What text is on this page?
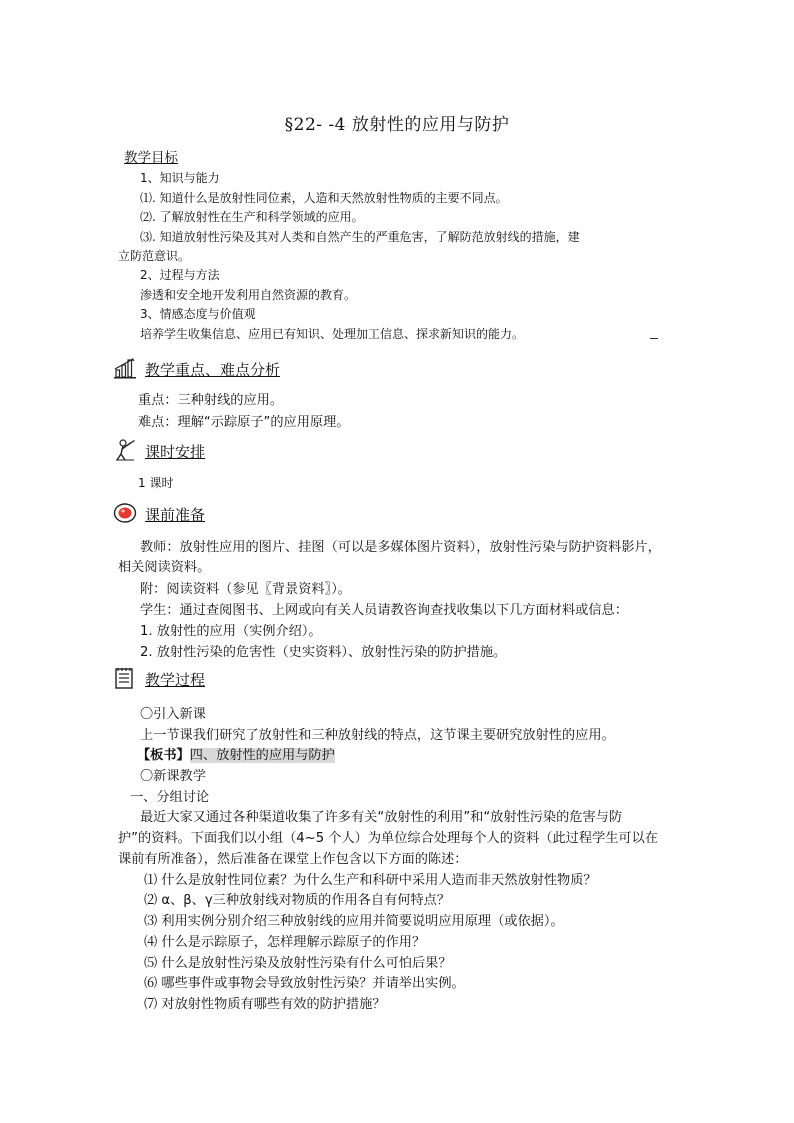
§22- -4 放射性的应用与防护
教学目标
1、知识与能力
⑴. 知道什么是放射性同位素，人造和天然放射性物质的主要不同点。
⑵. 了解放射性在生产和科学领域的应用。
⑶. 知道放射性污染及其对人类和自然产生的严重危害，了解防范放射线的措施，建
立防范意识。
2、过程与方法
渗透和安全地开发利用自然资源的教育。
3、情感态度与价值观
培养学生收集信息、应用已有知识、处理加工信息、探求新知识的能力。
教学重点、难点分析
重点：三种射线的应用。
难点：理解“示踪原子”的应用原理。
课时安排
1 课时
课前准备
教师：放射性应用的图片、挂图（可以是多媒体图片资料），放射性污染与防护资料影片，
相关阅读资料。
附：阅读资料（参见〖背景资料〗）。
学生：通过查阅图书、上网或向有关人员请教咨询查找收集以下几方面材料或信息：
1. 放射性的应用（实例介绍）。
2. 放射性污染的危害性（史实资料）、放射性污染的防护措施。
教学过程
〇引入新课
上一节课我们研究了放射性和三种放射线的特点，这节课主要研究放射性的应用。
【板书】四、放射性的应用与防护
〇新课教学
一、分组讨论
最近大家又通过各种渠道收集了许多有关“放射性的利用”和“放射性污染的危害与防
护”的资料。下面我们以小组（4~5 个人）为单位综合处理每个人的资料（此过程学生可以在
课前有所准备），然后准备在课堂上作包含以下方面的陈述：
⑴ 什么是放射性同位素？为什么生产和科研中采用人造而非天然放射性物质？
⑵ α、β、γ三种放射线对物质的作用各自有何特点？
⑶ 利用实例分别介绍三种放射线的应用并简要说明应用原理（或依据）。
⑷ 什么是示踪原子，怎样理解示踪原子的作用？
⑸ 什么是放射性污染及放射性污染有什么可怕后果？
⑹ 哪些事件或事物会导致放射性污染？并请举出实例。
⑺ 对放射性物质有哪些有效的防护措施？
